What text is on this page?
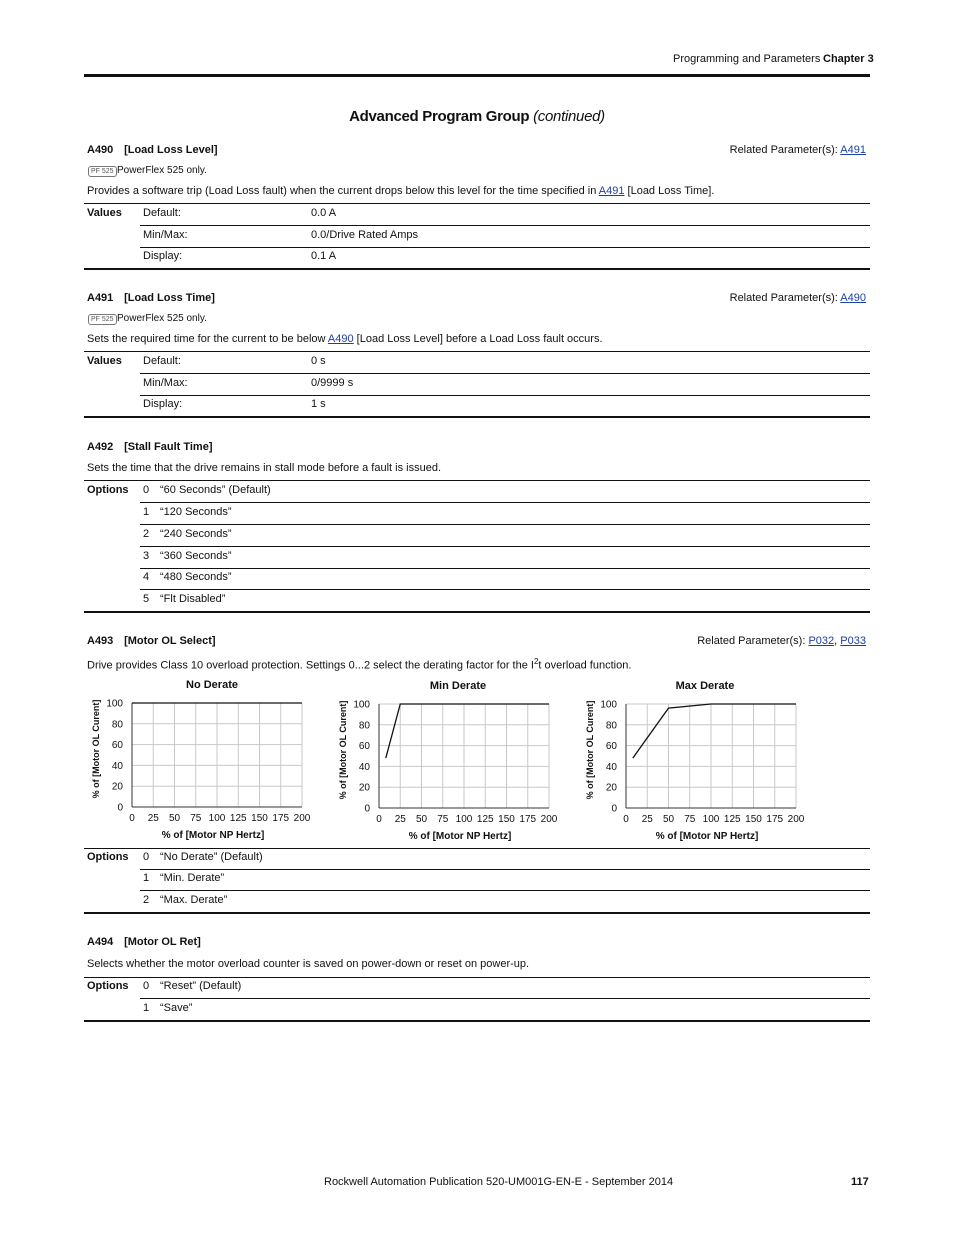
Programming and Parameters Chapter 3
Advanced Program Group (continued)
A490 [Load Loss Level]	Related Parameter(s): A491
PF 525 PowerFlex 525 only.
Provides a software trip (Load Loss fault) when the current drops below this level for the time specified in A491 [Load Loss Time].
Values Default:	0.0 A
Min/Max:	0.0/Drive Rated Amps
Display:	0.1 A
A491 [Load Loss Time]	Related Parameter(s): A490
PF 525 PowerFlex 525 only.
Sets the required time for the current to be below A490 [Load Loss Level] before a Load Loss fault occurs.
Values Default:	0 s
Min/Max:	0/9999 s
Display:	1 s
A492 [Stall Fault Time]
Sets the time that the drive remains in stall mode before a fault is issued.
Options 0 “60 Seconds” (Default)
1 “120 Seconds”
2 “240 Seconds”
3 “360 Seconds”
4 “480 Seconds”
5 “Flt Disabled”
A493 [Motor OL Select]	Related Parameter(s): P032, P033
Drive provides Class 10 overload protection. Settings 0...2 select the derating factor for the $I^2t$ overload function.
No Derate	Min Derate	Max Derate
0 25 50 75 100 125 150 175 200
0
20
40
60
80
100
% of [Motor NP Hertz]
% of [Motor OL Curent]
0 25 50 75 100 125 150 175 200
0
20
40
60
80
100
% of [Motor NP Hertz]
% of [Motor OL Curent]
0 25 50 75 100 125 150 175 200
0
20
40
60
80
100
% of [Motor NP Hertz]
% of [Motor OL Curent]
Options 0 “No Derate” (Default)
1 “Min. Derate”
2 “Max. Derate”
A494 [Motor OL Ret]
Selects whether the motor overload counter is saved on power-down or reset on power-up.
Options 0 “Reset” (Default)
1 “Save”
Rockwell Automation Publication 520-UM001G-EN-E - September 2014	117
